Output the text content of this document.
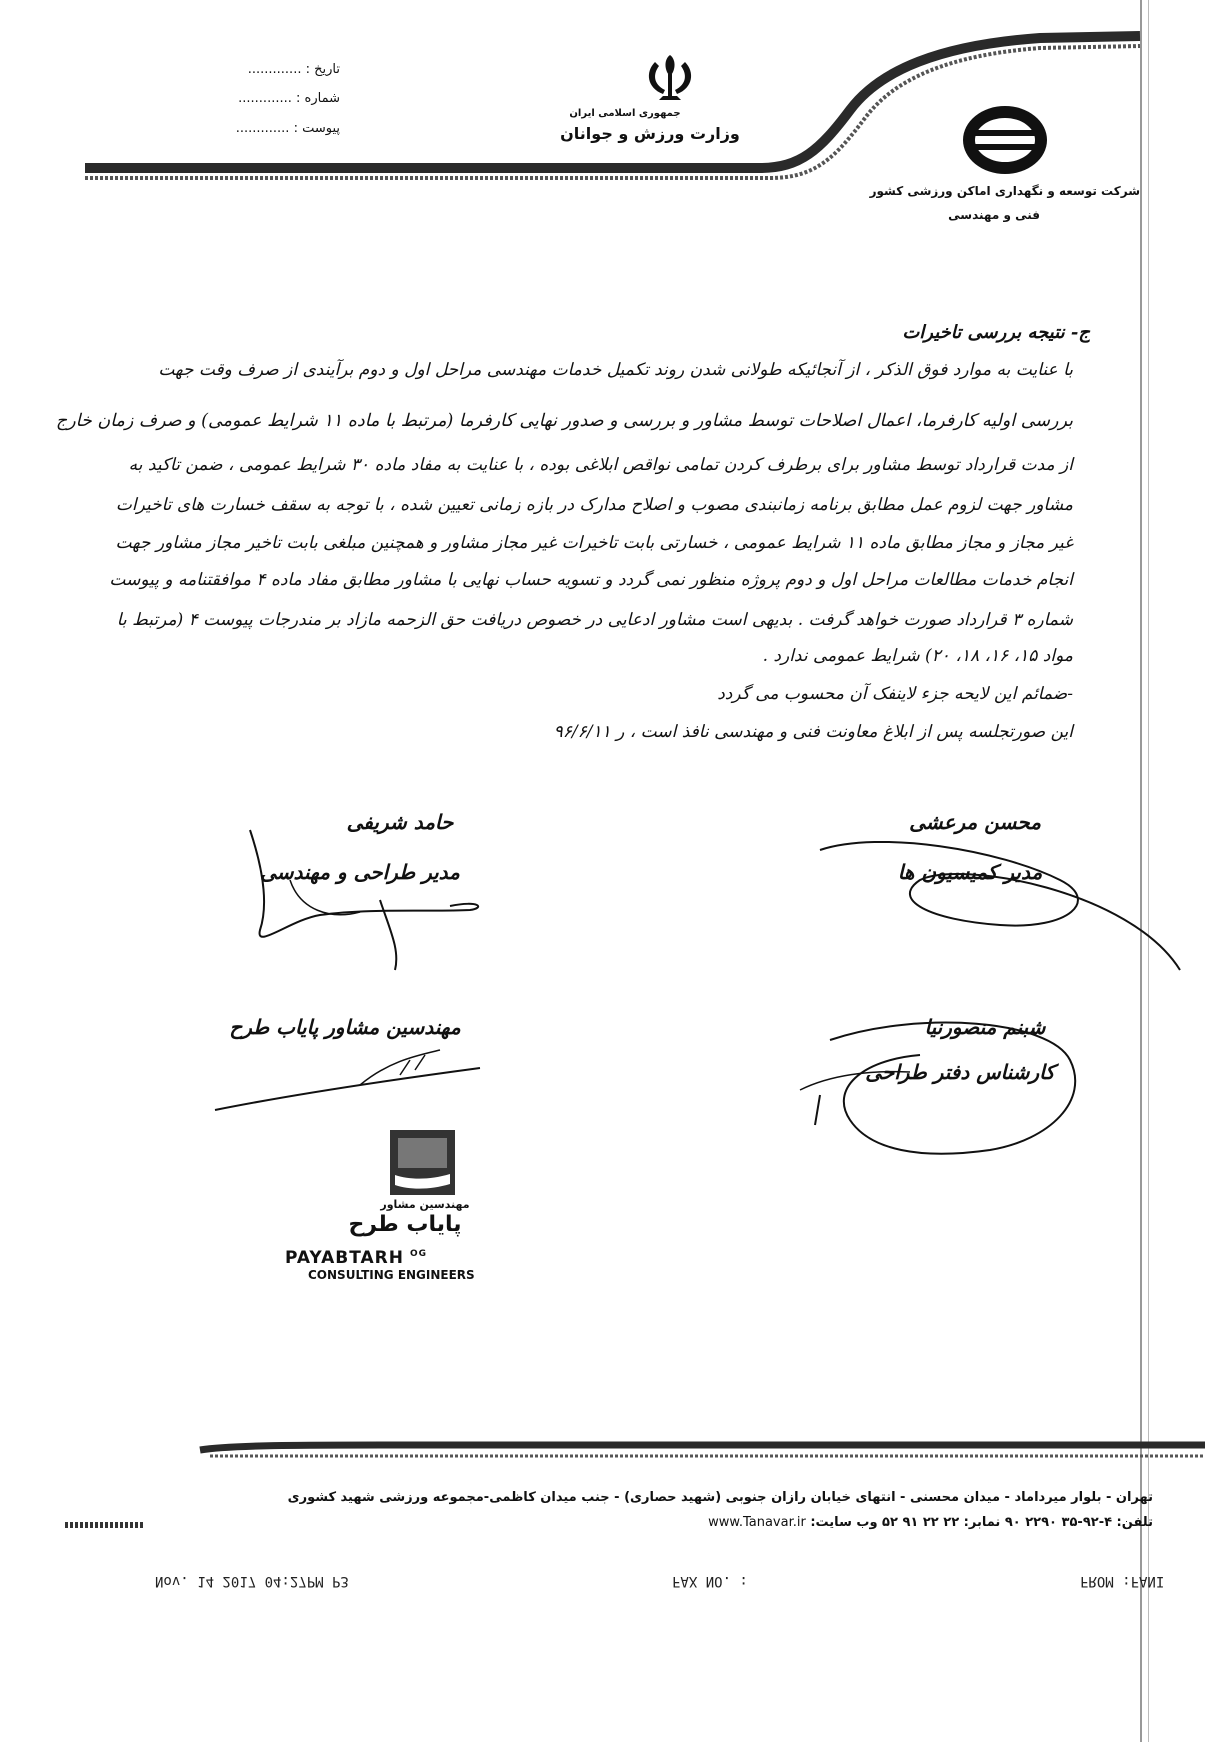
تاریخ : .............
شماره : .............
پیوست : .............
جمهوری اسلامی ایران
وزارت ورزش و جوانان
شرکت توسعه و نگهداری اماکن ورزشی کشور
فنی و مهندسی
ج- نتیجه بررسی تاخیرات
با عنایت به موارد فوق الذکر ، از آنجائیکه طولانی شدن روند تکمیل خدمات مهندسی مراحل اول و دوم برآیندی از صرف وقت جهت
بررسی اولیه کارفرما، اعمال اصلاحات توسط مشاور و بررسی و صدور نهایی کارفرما (مرتبط با ماده ۱۱ شرایط عمومی) و صرف زمان خارج
از مدت قرارداد توسط مشاور برای برطرف کردن تمامی نواقص ابلاغی بوده ، با عنایت به مفاد ماده ۳۰ شرایط عمومی ، ضمن تاکید به
مشاور جهت لزوم عمل مطابق برنامه زمانبندی مصوب و اصلاح مدارک در بازه زمانی تعیین شده ، با توجه به سقف خسارت های تاخیرات
غیر مجاز و مجاز مطابق ماده ۱۱ شرایط عمومی ، خسارتی بابت تاخیرات غیر مجاز مشاور و همچنین مبلغی بابت تاخیر مجاز مشاور جهت
انجام خدمات مطالعات مراحل اول و دوم پروژه منظور نمی گردد و تسویه حساب نهایی با مشاور مطابق مفاد ماده ۴ موافقتنامه و پیوست
شماره ۳ قرارداد صورت خواهد گرفت . بدیهی است مشاور ادعایی در خصوص دریافت حق الزحمه مازاد بر مندرجات پیوست ۴ (مرتبط با
مواد ۱۵، ۱۶، ۱۸، ۲۰) شرایط عمومی ندارد .
-ضمائم این لایحه جزء لاینفک آن محسوب می گردد
این صورتجلسه پس از ابلاغ معاونت فنی و مهندسی نافذ است ، ر ۹۶/۶/۱۱
حامد شریفی
مدیر طراحی و مهندسی
محسن مرعشی
مدیر کمیسیون ها
مهندسین مشاور پایاب طرح	شبنم منصورنیا
کارشناس دفتر طراحی
مهندسین مشاور
پایاب طرح
PAYABTARH $^{OG}$
CONSULTING ENGINEERS
تهران - بلوار میرداماد - میدان محسنی - انتهای خیابان رازان جنوبی (شهید حصاری) - جنب میدان کاظمی-مجموعه ورزشی شهید کشوری
تلفن: ۴-۹۲-۳۵ ۲۲۹۰ ۹۰ نمابر: ۲۲ ۲۲ ۹۱ ۵۲ وب سایت: www.Tanavar.ir
Nov. 14 2017 04:27PM P3	FAX NO. :	FROM :FANI
